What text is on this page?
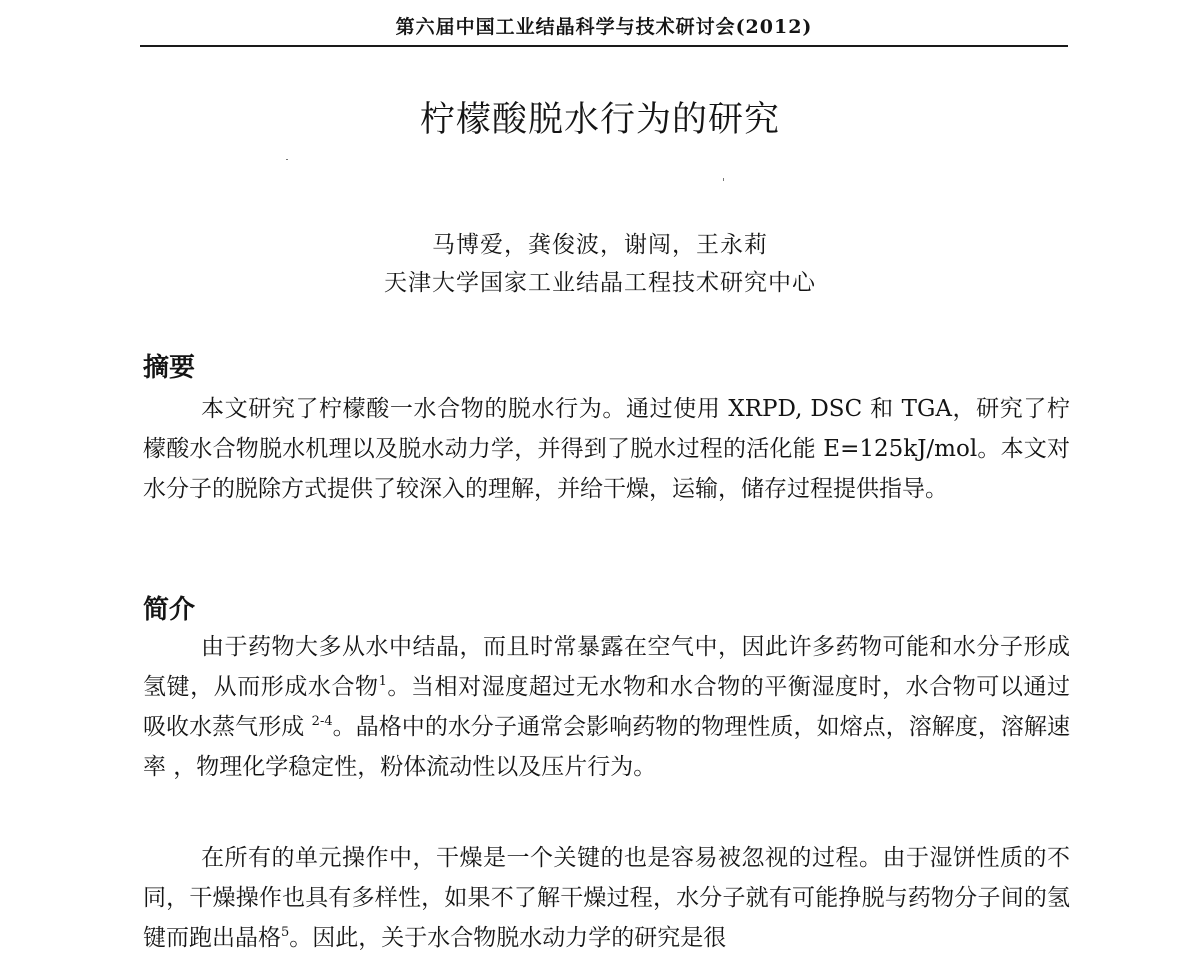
第六届中国工业结晶科学与技术研讨会(2012)
柠檬酸脱水行为的研究
马博爱，龚俊波，谢闯，王永莉
天津大学国家工业结晶工程技术研究中心
摘要

本文研究了柠檬酸一水合物的脱水行为。通过使用 XRPD, DSC 和 TGA，研究了柠檬酸水合物脱水机理以及脱水动力学，并得到了脱水过程的活化能 E=125kJ/mol。本文对水分子的脱除方式提供了较深入的理解，并给干燥，运输，储存过程提供指导。

简介

由于药物大多从水中结晶，而且时常暴露在空气中，因此许多药物可能和水分子形成氢键，从而形成水合物$^1$。当相对湿度超过无水物和水合物的平衡湿度时，水合物可以通过吸收水蒸气形成 $^{2-4}$。晶格中的水分子通常会影响药物的物理性质，如熔点，溶解度，溶解速率 ，物理化学稳定性，粉体流动性以及压片行为。

在所有的单元操作中，干燥是一个关键的也是容易被忽视的过程。由于湿饼性质的不同，干燥操作也具有多样性，如果不了解干燥过程，水分子就有可能挣脱与药物分子间的氢键而跑出晶格$^5$。因此，关于水合物脱水动力学的研究是很
